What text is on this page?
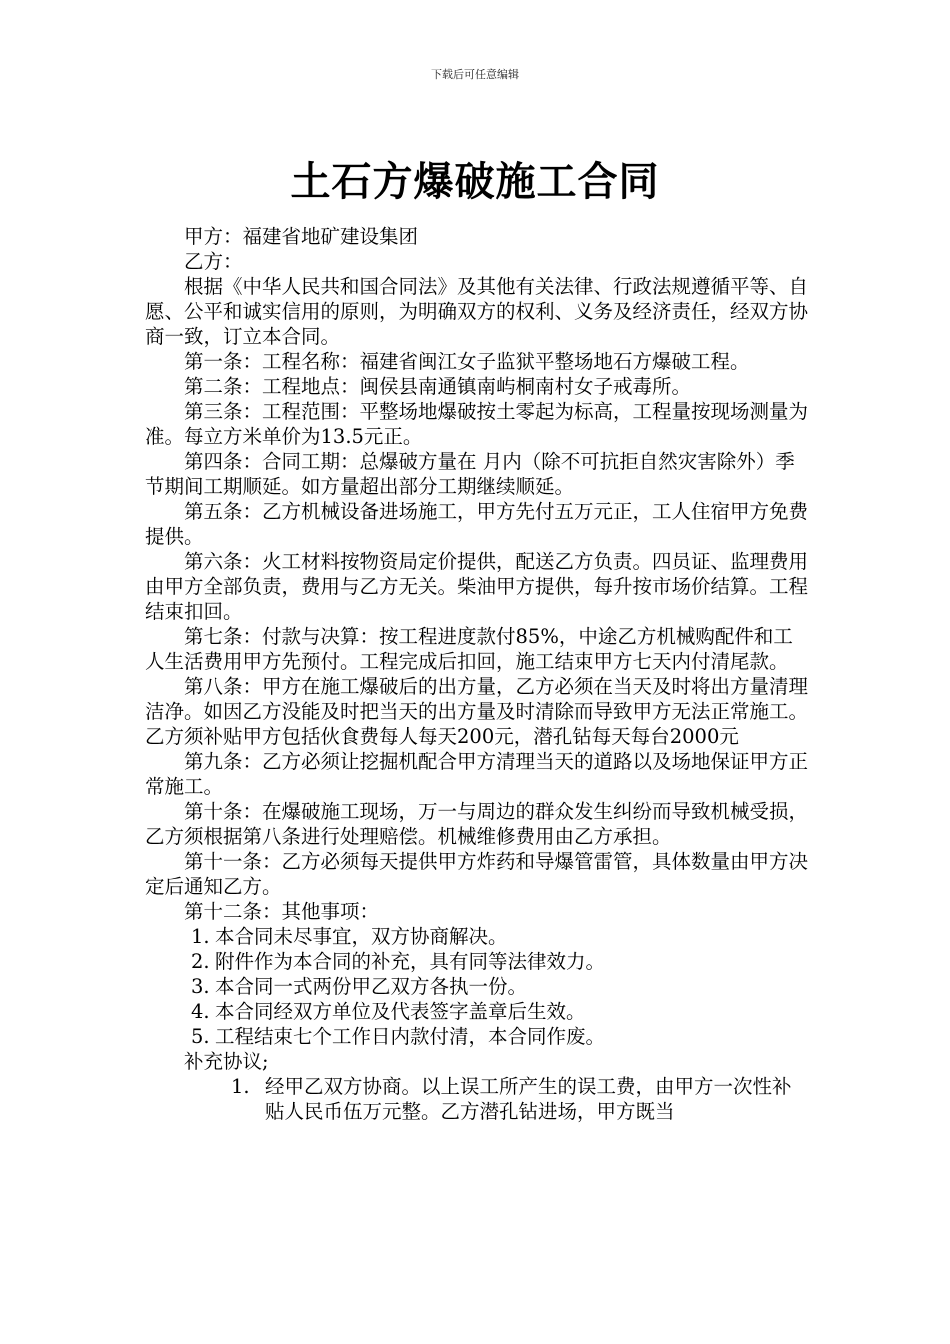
下载后可任意编辑
土石方爆破施工合同

甲方：福建省地矿建设集团

乙方：

根据《中华人民共和国合同法》及其他有关法律、行政法规遵循平等、自愿、公平和诚实信用的原则，为明确双方的权利、义务及经济责任，经双方协商一致，订立本合同。

第一条：工程名称：福建省闽江女子监狱平整场地石方爆破工程。

第二条：工程地点：闽侯县南通镇南屿桐南村女子戒毒所。

第三条：工程范围：平整场地爆破按土零起为标高，工程量按现场测量为准。每立方米单价为13.5元正。

第四条：合同工期：总爆破方量在 月内（除不可抗拒自然灾害除外）季节期间工期顺延。如方量超出部分工期继续顺延。

第五条：乙方机械设备进场施工，甲方先付五万元正，工人住宿甲方免费提供。

第六条：火工材料按物资局定价提供，配送乙方负责。四员证、监理费用由甲方全部负责，费用与乙方无关。柴油甲方提供，每升按市场价结算。工程结束扣回。

第七条：付款与决算：按工程进度款付85%，中途乙方机械购配件和工人生活费用甲方先预付。工程完成后扣回，施工结束甲方七天内付清尾款。

第八条：甲方在施工爆破后的出方量，乙方必须在当天及时将出方量清理洁净。如因乙方没能及时把当天的出方量及时清除而导致甲方无法正常施工。乙方须补贴甲方包括伙食费每人每天200元，潜孔钻每天每台2000元

第九条：乙方必须让挖掘机配合甲方清理当天的道路以及场地保证甲方正常施工。

第十条：在爆破施工现场，万一与周边的群众发生纠纷而导致机械受损，乙方须根据第八条进行处理赔偿。机械维修费用由乙方承担。

第十一条：乙方必须每天提供甲方炸药和导爆管雷管，具体数量由甲方决定后通知乙方。

第十二条：其他事项：

1. 本合同未尽事宜，双方协商解决。
2. 附件作为本合同的补充，具有同等法律效力。
3. 本合同一式两份甲乙双方各执一份。
4. 本合同经双方单位及代表签字盖章后生效。
5. 工程结束七个工作日内款付清，本合同作废。

补充协议;

1. 经甲乙双方协商。以上误工所产生的误工费，由甲方一次性补贴人民币伍万元整。乙方潜孔钻进场，甲方既当
